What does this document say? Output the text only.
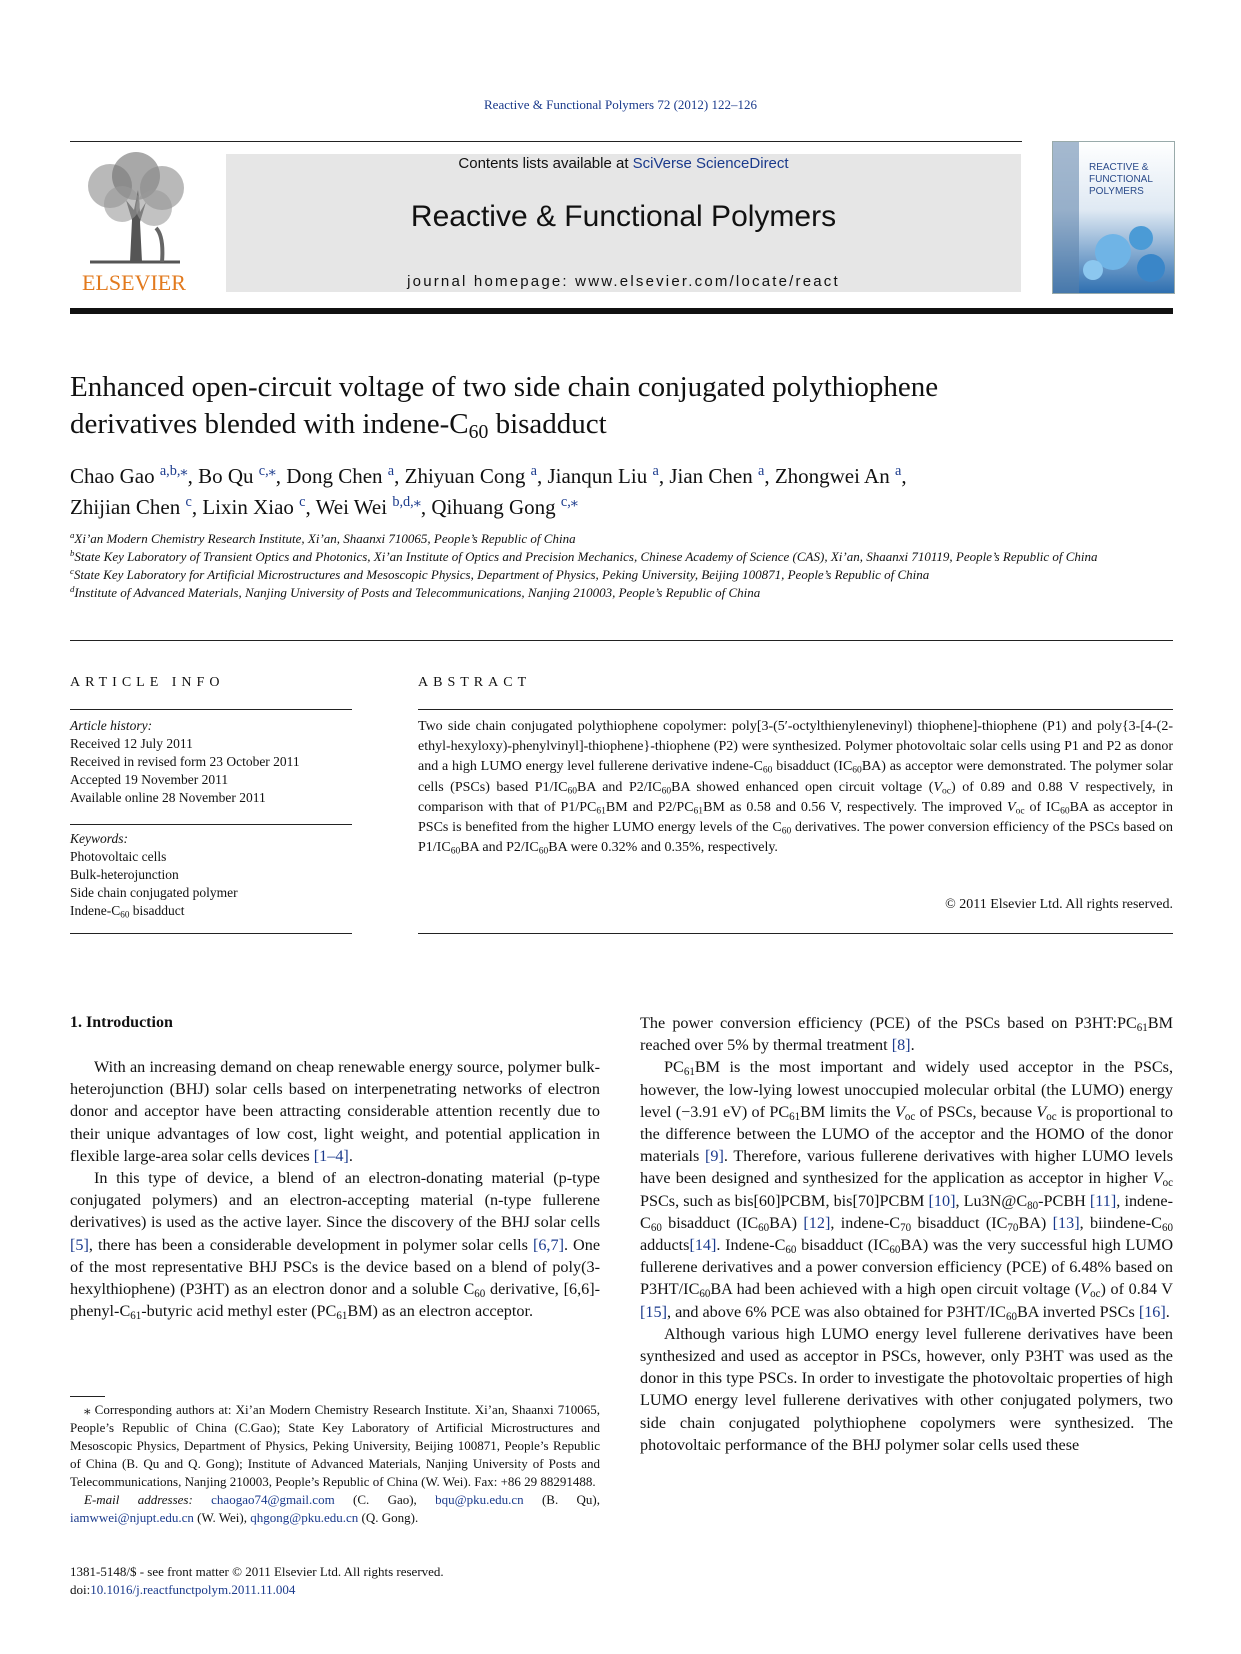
Reactive & Functional Polymers 72 (2012) 122–126
ELSEVIER
Contents lists available at SciVerse ScienceDirect
Reactive & Functional Polymers
journal homepage: www.elsevier.com/locate/react
REACTIVE &
FUNCTIONAL
POLYMERS
Enhanced open-circuit voltage of two side chain conjugated polythiophene
derivatives blended with indene-$C_{60}$ bisadduct
Chao Gao $^{a,b,⁎}$, Bo Qu $^{c,⁎}$, Dong Chen $^a$, Zhiyuan Cong $^a$, Jianqun Liu $^a$, Jian Chen $^a$, Zhongwei An $^a$,
Zhijian Chen $^c$, Lixin Xiao $^c$, Wei Wei $^{b,d,⁎}$, Qihuang Gong $^{c,⁎}$
$^a$Xi’an Modern Chemistry Research Institute, Xi’an, Shaanxi 710065, People’s Republic of China
$^b$State Key Laboratory of Transient Optics and Photonics, Xi’an Institute of Optics and Precision Mechanics, Chinese Academy of Science (CAS), Xi’an, Shaanxi 710119, People’s Republic of China
$^c$State Key Laboratory for Artificial Microstructures and Mesoscopic Physics, Department of Physics, Peking University, Beijing 100871, People’s Republic of China
$^d$Institute of Advanced Materials, Nanjing University of Posts and Telecommunications, Nanjing 210003, People’s Republic of China
ARTICLE INFO
Article history:
Received 12 July 2011
Received in revised form 23 October 2011
Accepted 19 November 2011
Available online 28 November 2011
Keywords:
Photovoltaic cells
Bulk-heterojunction
Side chain conjugated polymer
Indene-$C_{60}$ bisadduct
ABSTRACT
Two side chain conjugated polythiophene copolymer: poly[3-(5′-octylthienylenevinyl) thiophene]-thiophene (P1) and poly{3-[4-(2-ethyl-hexyloxy)-phenylvinyl]-thiophene}-thiophene (P2) were synthesized. Polymer photovoltaic solar cells using P1 and P2 as donor and a high LUMO energy level fullerene derivative indene-$C_{60}$ bisadduct $(IC_{60}BA)$ as acceptor were demonstrated. The polymer solar cells (PSCs) based $P1/IC_{60}BA$ and $P2/IC_{60}BA$ showed enhanced open circuit voltage $(V_{oc})$ of 0.89 and 0.88 V respectively, in comparison with that of $P1/PC_{61}BM$ and $P2/PC_{61}BM$ as 0.58 and 0.56 V, respectively. The improved $V_{oc}$ of $IC_{60}BA$ as acceptor in PSCs is benefited from the higher LUMO energy levels of the $C_{60}$ derivatives. The power conversion efficiency of the PSCs based on $P1/IC_{60}BA$ and $P2/IC_{60}BA$ were 0.32% and 0.35%, respectively.
© 2011 Elsevier Ltd. All rights reserved.
1. Introduction

With an increasing demand on cheap renewable energy source, polymer bulk-heterojunction (BHJ) solar cells based on interpenetrating networks of electron donor and acceptor have been attracting considerable attention recently due to their unique advantages of low cost, light weight, and potential application in flexible large-area solar cells devices [1–4].

In this type of device, a blend of an electron-donating material (p-type conjugated polymers) and an electron-accepting material (n-type fullerene derivatives) is used as the active layer. Since the discovery of the BHJ solar cells [5], there has been a considerable development in polymer solar cells [6,7]. One of the most representative BHJ PSCs is the device based on a blend of poly(3-hexylthiophene) (P3HT) as an electron donor and a soluble $C_{60}$ derivative, $[6,6]-phenyl-C_{61}$-butyric acid methyl ester $(PC_{61}BM)$ as an electron acceptor.

The power conversion efficiency (PCE) of the PSCs based on $P3HT:PC_{61}BM$ reached over 5% by thermal treatment [8].

$PC_{61}BM$ is the most important and widely used acceptor in the PSCs, however, the low-lying lowest unoccupied molecular orbital (the LUMO) energy level (−3.91 eV) of $PC_{61}BM$ limits the $V_{oc}$ of PSCs, because $V_{oc}$ is proportional to the difference between the LUMO of the acceptor and the HOMO of the donor materials [9]. Therefore, various fullerene derivatives with higher LUMO levels have been designed and synthesized for the application as acceptor in higher $V_{oc}$ PSCs, such as bis[60]PCBM, bis[70]PCBM [10], $Lu3N@C_{80}$-PCBH [11], indene-$C_{60}$ bisadduct $(IC_{60}BA)$ [12], indene-$C_{70}$ bisadduct $(IC_{70}BA)$ [13], biindene-$C_{60}$ adducts[14]. Indene-$C_{60}$ bisadduct $(IC_{60}BA)$ was the very successful high LUMO fullerene derivatives and a power conversion efficiency (PCE) of 6.48% based on $P3HT/IC_{60}BA$ had been achieved with a high open circuit voltage $(V_{oc})$ of 0.84 V [15], and above 6% PCE was also obtained for $P3HT/IC_{60}BA$ inverted PSCs [16].

Although various high LUMO energy level fullerene derivatives have been synthesized and used as acceptor in PSCs, however, only P3HT was used as the donor in this type PSCs. In order to investigate the photovoltaic properties of high LUMO energy level fullerene derivatives with other conjugated polymers, two side chain conjugated polythiophene copolymers were synthesized. The photovoltaic performance of the BHJ polymer solar cells used these

⁎ Corresponding authors at: Xi’an Modern Chemistry Research Institute. Xi’an, Shaanxi 710065, People’s Republic of China (C.Gao); State Key Laboratory of Artificial Microstructures and Mesoscopic Physics, Department of Physics, Peking University, Beijing 100871, People’s Republic of China (B. Qu and Q. Gong); Institute of Advanced Materials, Nanjing University of Posts and Telecommunications, Nanjing 210003, People’s Republic of China (W. Wei). Fax: +86 29 88291488.

E-mail addresses: chaogao74@gmail.com (C. Gao), bqu@pku.edu.cn (B. Qu), iamwwei@njupt.edu.cn (W. Wei), qhgong@pku.edu.cn (Q. Gong).

1381-5148/$ - see front matter © 2011 Elsevier Ltd. All rights reserved.
doi:10.1016/j.reactfunctpolym.2011.11.004
